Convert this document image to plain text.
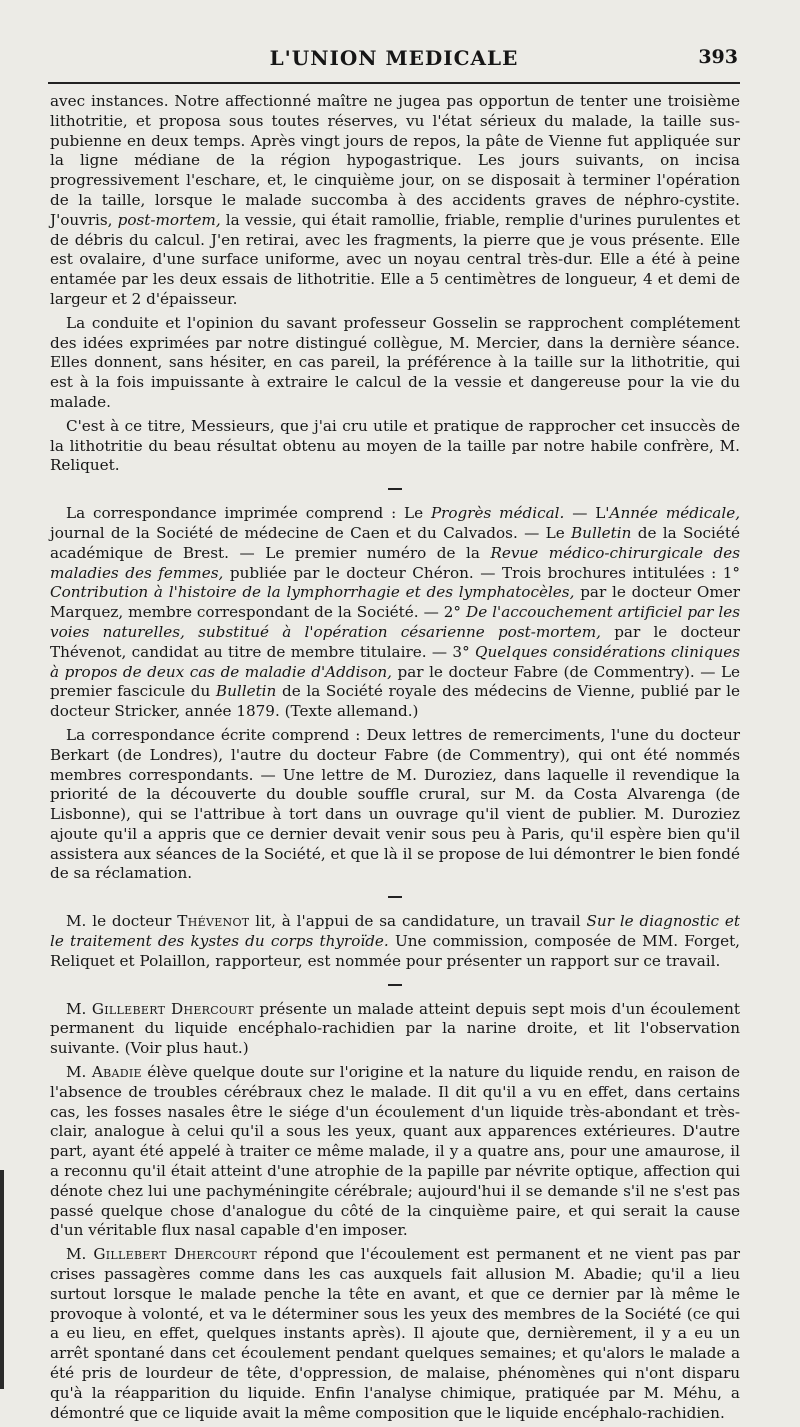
L'UNION MEDICALE	393

avec instances. Notre affectionné maître ne jugea pas opportun de tenter une troisième lithotritie, et proposa sous toutes réserves, vu l'état sérieux du malade, la taille sus-pubienne en deux temps. Après vingt jours de repos, la pâte de Vienne fut appliquée sur la ligne médiane de la région hypogastrique. Les jours suivants, on incisa progressivement l'eschare, et, le cinquième jour, on se disposait à terminer l'opération de la taille, lorsque le malade succomba à des accidents graves de néphro-cystite. J'ouvris, post-mortem, la vessie, qui était ramollie, friable, remplie d'urines purulentes et de débris du calcul. J'en retirai, avec les fragments, la pierre que je vous présente. Elle est ovalaire, d'une surface uniforme, avec un noyau central très-dur. Elle a été à peine entamée par les deux essais de lithotritie. Elle a 5 centimètres de longueur, 4 et demi de largeur et 2 d'épaisseur.

La conduite et l'opinion du savant professeur Gosselin se rapprochent complétement des idées exprimées par notre distingué collègue, M. Mercier, dans la dernière séance. Elles donnent, sans hésiter, en cas pareil, la préférence à la taille sur la lithotritie, qui est à la fois impuissante à extraire le calcul de la vessie et dangereuse pour la vie du malade.

C'est à ce titre, Messieurs, que j'ai cru utile et pratique de rapprocher cet insuccès de la lithotritie du beau résultat obtenu au moyen de la taille par notre habile confrère, M. Reliquet.

La correspondance imprimée comprend : Le Progrès médical. — L'Année médicale, journal de la Société de médecine de Caen et du Calvados. — Le Bulletin de la Société académique de Brest. — Le premier numéro de la Revue médico-chirurgicale des maladies des femmes, publiée par le docteur Chéron. — Trois brochures intitulées : 1° Contribution à l'histoire de la lymphorrhagie et des lymphatocèles, par le docteur Omer Marquez, membre correspondant de la Société. — 2° De l'accouchement artificiel par les voies naturelles, substitué à l'opération césarienne post-mortem, par le docteur Thévenot, candidat au titre de membre titulaire. — 3° Quelques considérations cliniques à propos de deux cas de maladie d'Addison, par le docteur Fabre (de Commentry). — Le premier fascicule du Bulletin de la Société royale des médecins de Vienne, publié par le docteur Stricker, année 1879. (Texte allemand.)

La correspondance écrite comprend : Deux lettres de remerciments, l'une du docteur Berkart (de Londres), l'autre du docteur Fabre (de Commentry), qui ont été nommés membres correspondants. — Une lettre de M. Duroziez, dans laquelle il revendique la priorité de la découverte du double souffle crural, sur M. da Costa Alvarenga (de Lisbonne), qui se l'attribue à tort dans un ouvrage qu'il vient de publier. M. Duroziez ajoute qu'il a appris que ce dernier devait venir sous peu à Paris, qu'il espère bien qu'il assistera aux séances de la Société, et que là il se propose de lui démontrer le bien fondé de sa réclamation.

M. le docteur Thévenot lit, à l'appui de sa candidature, un travail Sur le diagnostic et le traitement des kystes du corps thyroïde. Une commission, composée de MM. Forget, Reliquet et Polaillon, rapporteur, est nommée pour présenter un rapport sur ce travail.

M. Gillebert Dhercourt présente un malade atteint depuis sept mois d'un écoulement permanent du liquide encéphalo-rachidien par la narine droite, et lit l'observation suivante. (Voir plus haut.)

M. Abadie élève quelque doute sur l'origine et la nature du liquide rendu, en raison de l'absence de troubles cérébraux chez le malade. Il dit qu'il a vu en effet, dans certains cas, les fosses nasales être le siége d'un écoulement d'un liquide très-abondant et très-clair, analogue à celui qu'il a sous les yeux, quant aux apparences extérieures. D'autre part, ayant été appelé à traiter ce même malade, il y a quatre ans, pour une amaurose, il a reconnu qu'il était atteint d'une atrophie de la papille par névrite optique, affection qui dénote chez lui une pachyméningite cérébrale; aujourd'hui il se demande s'il ne s'est pas passé quelque chose d'analogue du côté de la cinquième paire, et qui serait la cause d'un véritable flux nasal capable d'en imposer.

M. Gillebert Dhercourt répond que l'écoulement est permanent et ne vient pas par crises passagères comme dans les cas auxquels fait allusion M. Abadie; qu'il a lieu surtout lorsque le malade penche la tête en avant, et que ce dernier par là même le provoque à volonté, et va le déterminer sous les yeux des membres de la Société (ce qui a eu lieu, en effet, quelques instants après). Il ajoute que, dernièrement, il y a eu un arrêt spontané dans cet écoulement pendant quelques semaines; et qu'alors le malade a été pris de lourdeur de tête, d'oppression, de malaise, phénomènes qui n'ont disparu qu'à la réapparition du liquide. Enfin l'analyse chimique, pratiquée par M. Méhu, a démontré que ce liquide avait la même composition que le liquide encéphalo-rachidien.
